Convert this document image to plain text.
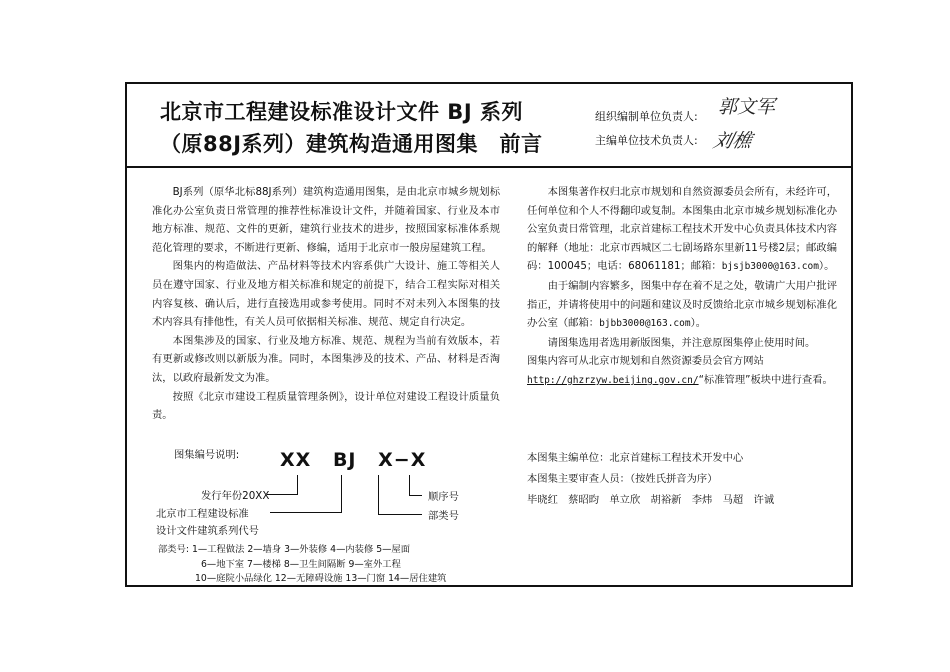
北京市工程建设标准设计文件 BJ 系列
（原88J系列）建筑构造通用图集　前言
组织编制单位负责人:
主编单位技术负责人:
郭文军
刘樵

BJ系列（原华北标88J系列）建筑构造通用图集，是由北京市城乡规划标准化办公室负责日常管理的推荐性标准设计文件，并随着国家、行业及本市地方标准、规范、文件的更新，建筑行业技术的进步，按照国家标准体系规范化管理的要求，不断进行更新、修编，适用于北京市一般房屋建筑工程。

图集内的构造做法、产品材料等技术内容系供广大设计、施工等相关人员在遵守国家、行业及地方相关标准和规定的前提下，结合工程实际对相关内容复核、确认后，进行直接选用或参考使用。同时不对未列入本图集的技术内容具有排他性，有关人员可依据相关标准、规范、规定自行决定。

本图集涉及的国家、行业及地方标准、规范、规程为当前有效版本，若有更新或修改则以新版为准。同时，本图集涉及的技术、产品、材料是否淘汰，以政府最新发文为准。

按照《北京市建设工程质量管理条例》，设计单位对建设工程设计质量负责。

图集编号说明: XX BJ X−X
发行年份20XX
北京市工程建设标准
设计文件建筑系列代号
顺序号
部类号
部类号: 1—工程做法 2—墙身 3—外装修 4—内装修 5—屋面
6—地下室 7—楼梯 8—卫生间隔断 9—室外工程
10—庭院小品绿化 12—无障碍设施 13—门窗 14—居住建筑

本图集著作权归北京市规划和自然资源委员会所有，未经许可，任何单位和个人不得翻印或复制。本图集由北京市城乡规划标准化办公室负责日常管理，北京首建标工程技术开发中心负责具体技术内容的解释（地址：北京市西城区二七剧场路东里新11号楼2层；邮政编码：100045；电话：68061181；邮箱：bjsjb3000@163.com）。

由于编制内容繁多，图集中存在着不足之处，敬请广大用户批评指正，并请将使用中的问题和建议及时反馈给北京市城乡规划标准化办公室（邮箱：bjbb3000@163.com）。

请图集选用者选用新版图集，并注意原图集停止使用时间。

图集内容可从北京市规划和自然资源委员会官方网站

http://ghzrzyw.beijing.gov.cn/“标准管理”板块中进行查看。

本图集主编单位：北京首建标工程技术开发中心
本图集主要审查人员：（按姓氏拼音为序）
毕晓红　蔡昭昀　单立欣　胡裕新　李炜　马超　许诚
